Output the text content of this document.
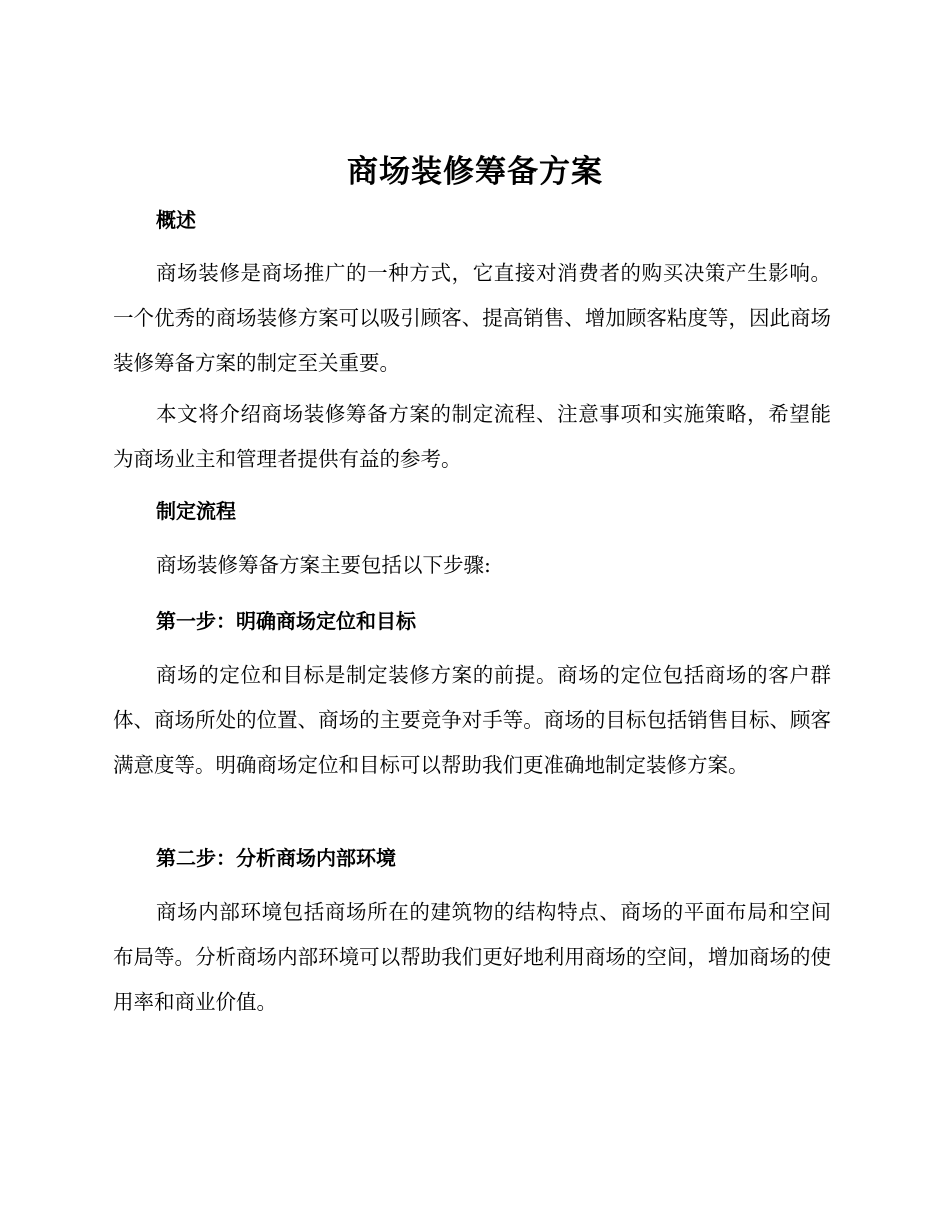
商场装修筹备方案
概述
商场装修是商场推广的一种方式，它直接对消费者的购买决策产生影响。一个优秀的商场装修方案可以吸引顾客、提高销售、增加顾客粘度等，因此商场装修筹备方案的制定至关重要。
本文将介绍商场装修筹备方案的制定流程、注意事项和实施策略，希望能为商场业主和管理者提供有益的参考。
制定流程
商场装修筹备方案主要包括以下步骤:
第一步：明确商场定位和目标
商场的定位和目标是制定装修方案的前提。商场的定位包括商场的客户群体、商场所处的位置、商场的主要竞争对手等。商场的目标包括销售目标、顾客满意度等。明确商场定位和目标可以帮助我们更准确地制定装修方案。
第二步：分析商场内部环境
商场内部环境包括商场所在的建筑物的结构特点、商场的平面布局和空间布局等。分析商场内部环境可以帮助我们更好地利用商场的空间，增加商场的使用率和商业价值。
